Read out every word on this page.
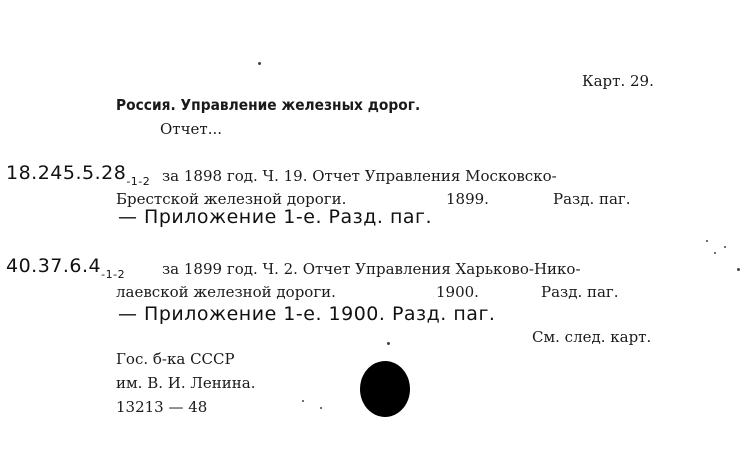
Карт. 29.
Россия. Управление железных дорог.
Отчет...
$18.245.5.28_{-1-2}$ за 1898 год. Ч. 19. Отчет Управления Московско-
Брестской железной дороги.	1899.	Разд. паг.
— Приложение 1-е. Разд. паг.
$40.37.6.4_{-1-2}$ за 1899 год. Ч. 2. Отчет Управления Харьково-Нико-
лаевской железной дороги.	1900.	Разд. паг.
— Приложение 1-е. 1900. Разд. паг.
См. след. карт.
Гос. б-ка СССР
им. В. И. Ленина.
13213 — 48
